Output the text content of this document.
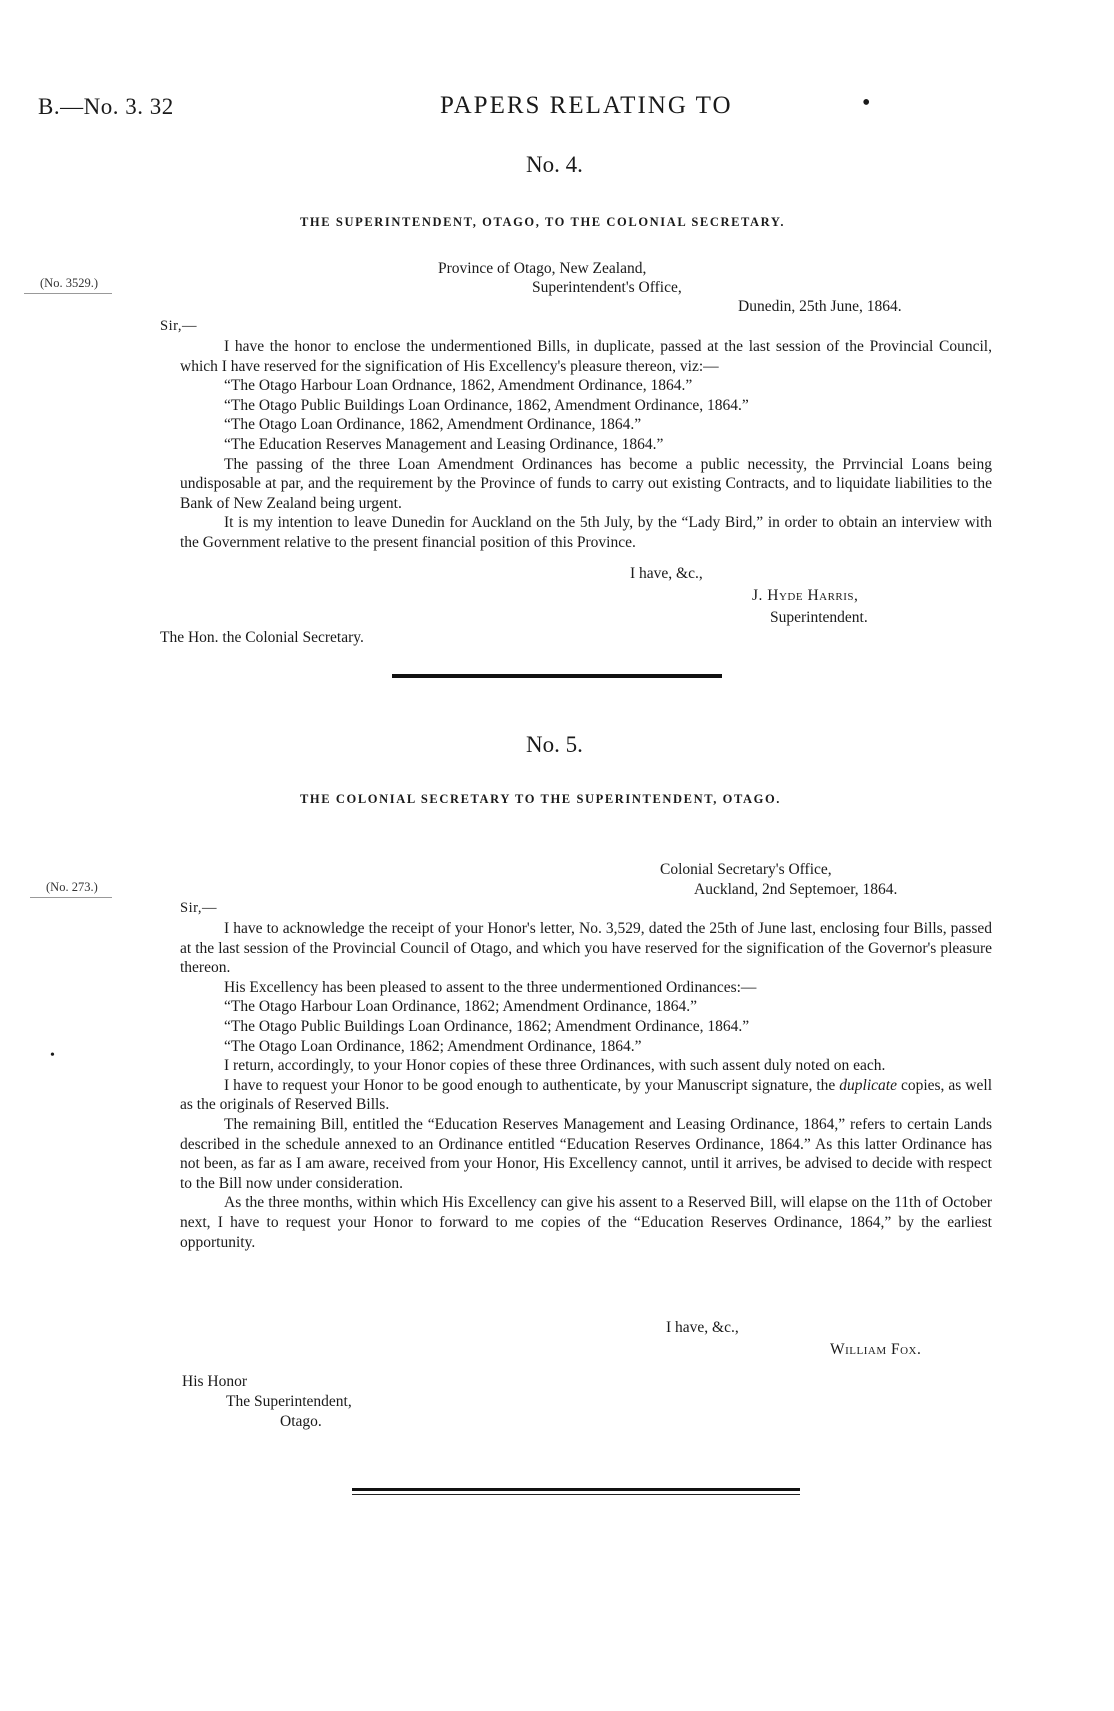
B.—No. 3. 32	PAPERS RELATING TO	•
No. 4.
THE SUPERINTENDENT, OTAGO, TO THE COLONIAL SECRETARY.
(No. 3529.)
Province of Otago, New Zealand,
Superintendent's Office,
Dunedin, 25th June, 1864.
Sir,—

I have the honor to enclose the undermentioned Bills, in duplicate, passed at the last session of the Provincial Council, which I have reserved for the signification of His Excellency's pleasure thereon, viz:—

“The Otago Harbour Loan Ordnance, 1862, Amendment Ordinance, 1864.”

“The Otago Public Buildings Loan Ordinance, 1862, Amendment Ordinance, 1864.”

“The Otago Loan Ordinance, 1862, Amendment Ordinance, 1864.”

“The Education Reserves Management and Leasing Ordinance, 1864.”

The passing of the three Loan Amendment Ordinances has become a public necessity, the Prrvincial Loans being undisposable at par, and the requirement by the Province of funds to carry out existing Contracts, and to liquidate liabilities to the Bank of New Zealand being urgent.

It is my intention to leave Dunedin for Auckland on the 5th July, by the “Lady Bird,” in order to obtain an interview with the Government relative to the present financial position of this Province.

I have, &c.,
J. Hyde Harris,
Superintendent.
The Hon. the Colonial Secretary.
No. 5.
THE COLONIAL SECRETARY TO THE SUPERINTENDENT, OTAGO.
(No. 273.)
Colonial Secretary's Office,
Auckland, 2nd Septemoer, 1864.
Sir,—

I have to acknowledge the receipt of your Honor's letter, No. 3,529, dated the 25th of June last, enclosing four Bills, passed at the last session of the Provincial Council of Otago, and which you have reserved for the signification of the Governor's pleasure thereon.

His Excellency has been pleased to assent to the three undermentioned Ordinances:—

“The Otago Harbour Loan Ordinance, 1862; Amendment Ordinance, 1864.”

“The Otago Public Buildings Loan Ordinance, 1862; Amendment Ordinance, 1864.”

“The Otago Loan Ordinance, 1862; Amendment Ordinance, 1864.”

I return, accordingly, to your Honor copies of these three Ordinances, with such assent duly noted on each.

I have to request your Honor to be good enough to authenticate, by your Manuscript signature, the duplicate copies, as well as the originals of Reserved Bills.

The remaining Bill, entitled the “Education Reserves Management and Leasing Ordinance, 1864,” refers to certain Lands described in the schedule annexed to an Ordinance entitled “Education Reserves Ordinance, 1864.” As this latter Ordinance has not been, as far as I am aware, received from your Honor, His Excellency cannot, until it arrives, be advised to decide with respect to the Bill now under consideration.

As the three months, within which His Excellency can give his assent to a Reserved Bill, will elapse on the 11th of October next, I have to request your Honor to forward to me copies of the “Education Reserves Ordinance, 1864,” by the earliest opportunity.

I have, &c.,
William Fox.
His Honor
The Superintendent,
Otago.
•
